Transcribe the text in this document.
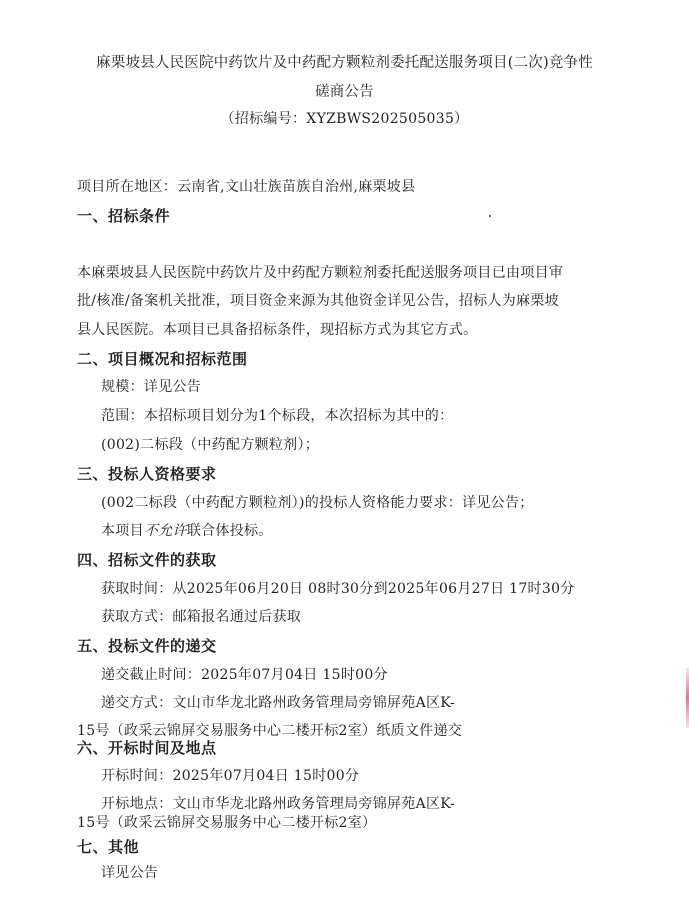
麻栗坡县人民医院中药饮片及中药配方颗粒剂委托配送服务项目(二次)竞争性
磋商公告
（招标编号：XYZBWS202505035）
项目所在地区：云南省,文山壮族苗族自治州,麻栗坡县
一、招标条件
本麻栗坡县人民医院中药饮片及中药配方颗粒剂委托配送服务项目已由项目审
批/核准/备案机关批准，项目资金来源为其他资金详见公告，招标人为麻栗坡
县人民医院。本项目已具备招标条件，现招标方式为其它方式。
二、项目概况和招标范围
规模：详见公告
范围：本招标项目划分为1个标段，本次招标为其中的：
(002)二标段（中药配方颗粒剂）；
三、投标人资格要求
(002二标段（中药配方颗粒剂）)的投标人资格能力要求：详见公告；
本项目不允许联合体投标。
四、招标文件的获取
获取时间：从2025年06月20日 08时30分到2025年06月27日 17时30分
获取方式：邮箱报名通过后获取
五、投标文件的递交
递交截止时间：2025年07月04日 15时00分
递交方式：文山市华龙北路州政务管理局旁锦屏苑A区K-
15号（政采云锦屏交易服务中心二楼开标2室）纸质文件递交
六、开标时间及地点
开标时间：2025年07月04日 15时00分
开标地点：文山市华龙北路州政务管理局旁锦屏苑A区K-
15号（政采云锦屏交易服务中心二楼开标2室）
七、其他
详见公告
